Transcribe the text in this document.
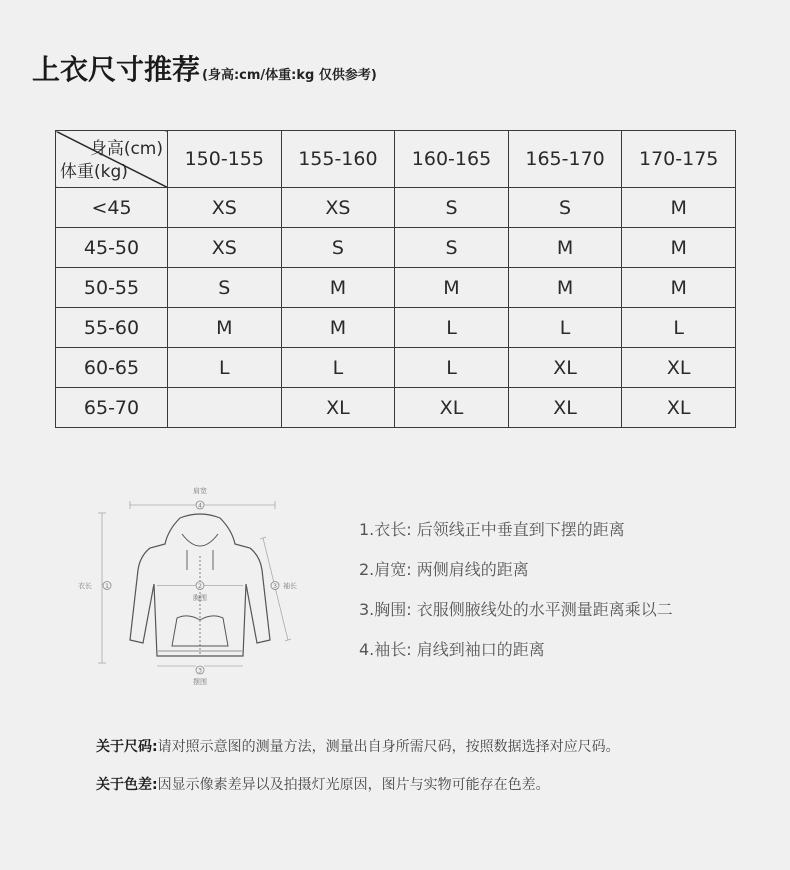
上衣尺寸推荐 (身高:cm/体重:kg 仅供参考)
身高(cm)
体重(kg)	150-155	155-160	160-165	165-170	170-175
<45	XS	XS	S	S	M
45-50	XS	S	S	M	M
50-55	S	M	M	M	M
55-60	M	M	L	L	L
60-65	L	L	L	XL	XL
65-70		XL	XL	XL	XL
肩宽
4
衣长 1	3 袖长
2
胸围
3
摆围
1.衣长: 后领线正中垂直到下摆的距离
2.肩宽: 两侧肩线的距离
3.胸围: 衣服侧腋线处的水平测量距离乘以二
4.袖长: 肩线到袖口的距离
关于尺码:请对照示意图的测量方法，测量出自身所需尺码，按照数据选择对应尺码。
关于色差:因显示像素差异以及拍摄灯光原因，图片与实物可能存在色差。
